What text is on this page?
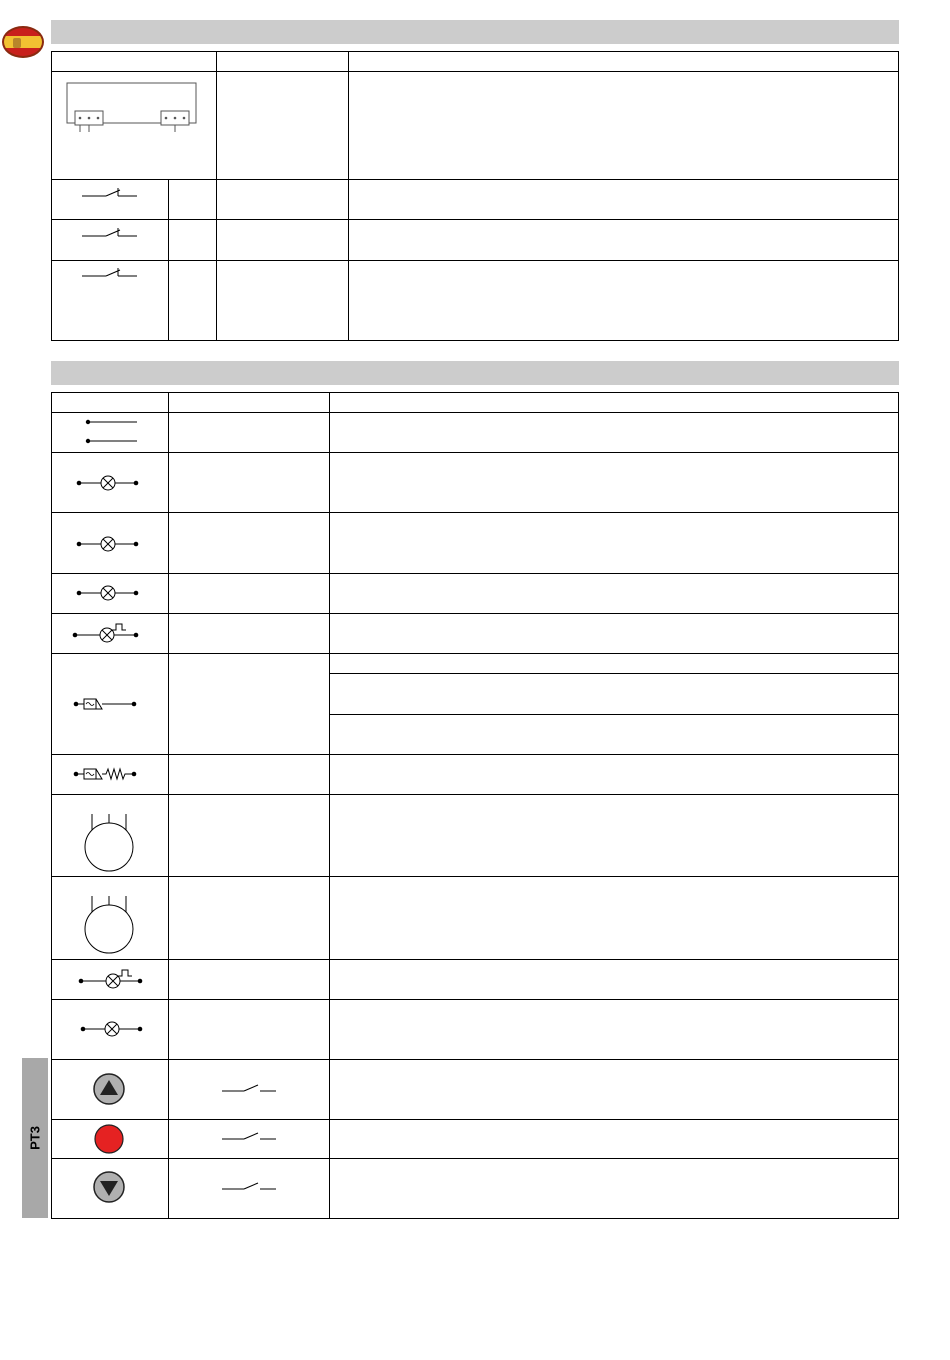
PT3
